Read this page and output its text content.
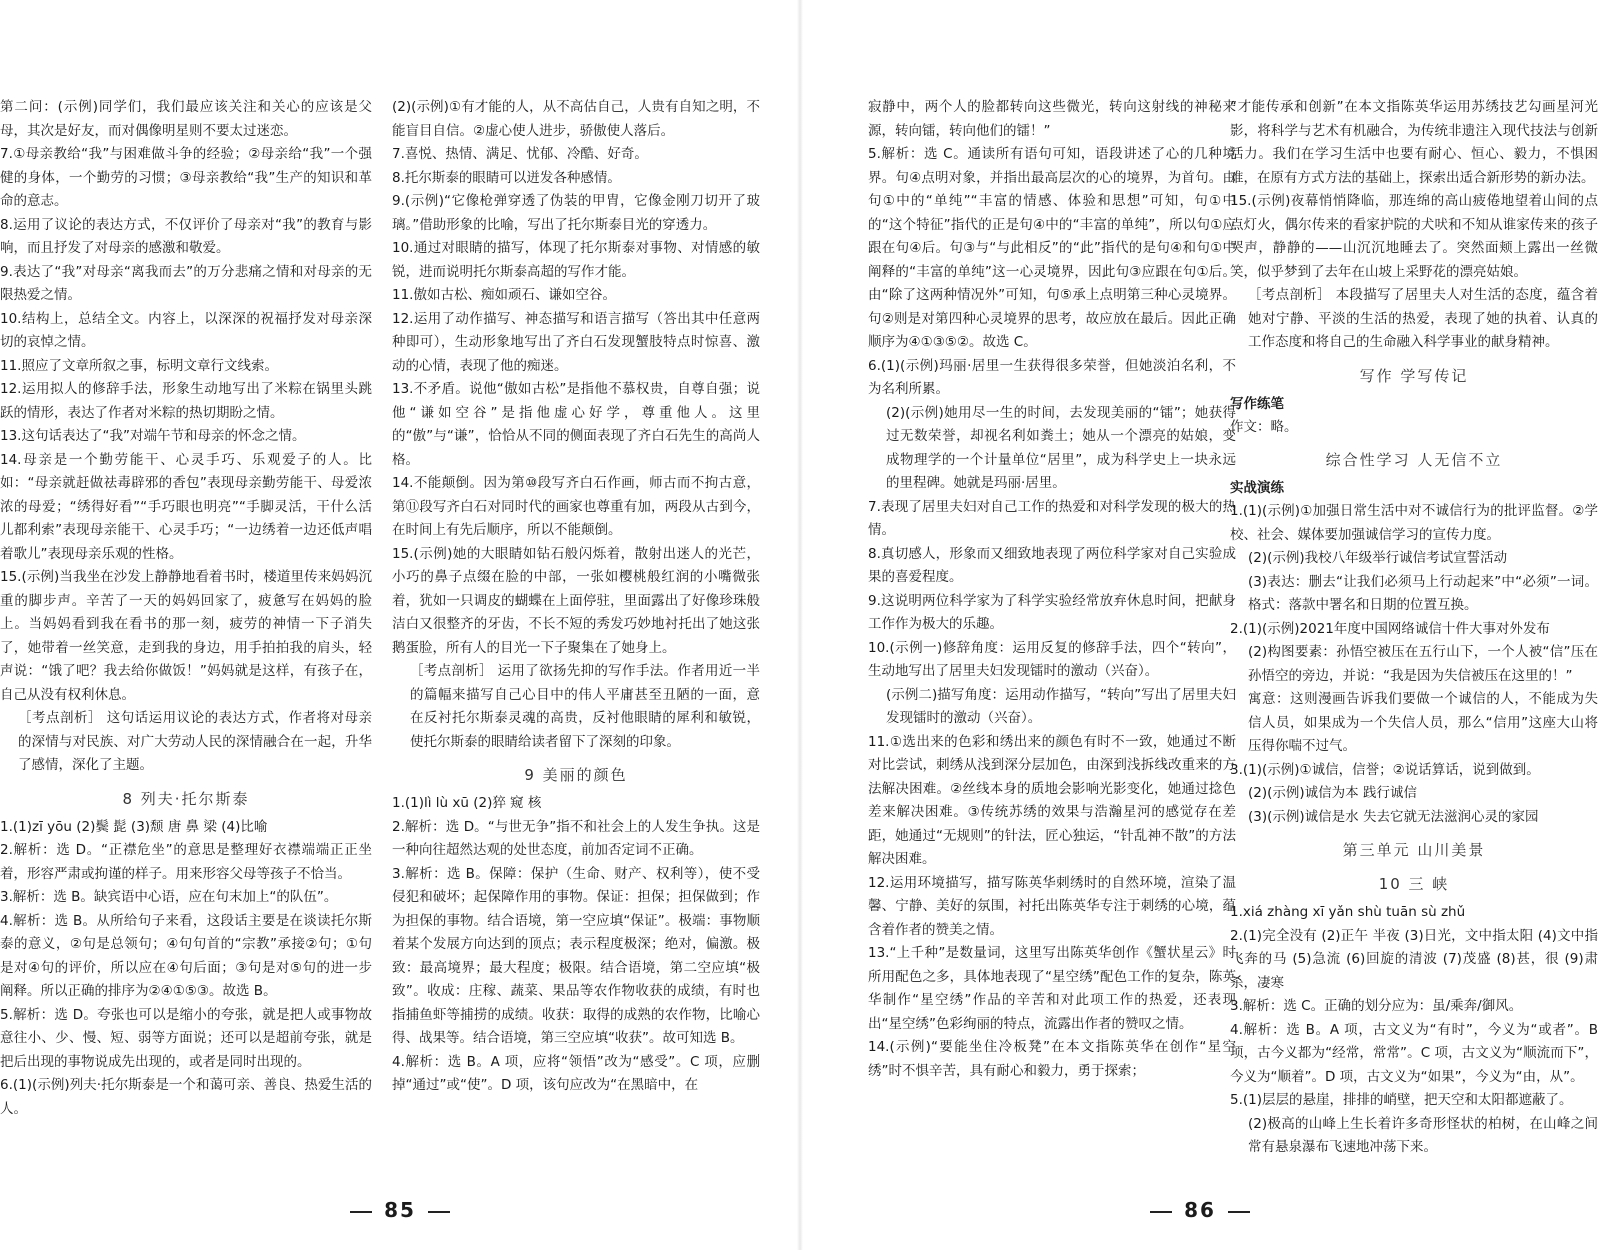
第二问：(示例)同学们，我们最应该关注和关心的应该是父母，其次是好友，而对偶像明星则不要太过迷恋。

7.①母亲教给“我”与困难做斗争的经验；②母亲给“我”一个强健的身体，一个勤劳的习惯；③母亲教给“我”生产的知识和革命的意志。

8.运用了议论的表达方式，不仅评价了母亲对“我”的教育与影响，而且抒发了对母亲的感激和敬爱。

9.表达了“我”对母亲“离我而去”的万分悲痛之情和对母亲的无限热爱之情。

10.结构上，总结全文。内容上，以深深的祝福抒发对母亲深切的哀悼之情。

11.照应了文章所叙之事，标明文章行文线索。

12.运用拟人的修辞手法，形象生动地写出了米粽在锅里头跳跃的情形，表达了作者对米粽的热切期盼之情。

13.这句话表达了“我”对端午节和母亲的怀念之情。

14.母亲是一个勤劳能干、心灵手巧、乐观爱子的人。比如：“母亲就赶做祛毒辟邪的香包”表现母亲勤劳能干、母爱浓浓的母爱；“绣得好看”“手巧眼也明亮”“手脚灵活，干什么活儿都利索”表现母亲能干、心灵手巧；“一边绣着一边还低声唱着歌儿”表现母亲乐观的性格。

15.(示例)当我坐在沙发上静静地看着书时，楼道里传来妈妈沉重的脚步声。辛苦了一天的妈妈回家了，疲惫写在妈妈的脸上。当妈妈看到我在看书的那一刻，疲劳的神情一下子消失了，她带着一丝笑意，走到我的身边，用手拍拍我的肩头，轻声说：“饿了吧？我去给你做饭！”妈妈就是这样，有孩子在，自己从没有权利休息。

［考点剖析］ 这句话运用议论的表达方式，作者将对母亲的深情与对民族、对广大劳动人民的深情融合在一起，升华了感情，深化了主题。

8 列夫·托尔斯泰

1.(1)zī yōu (2)鬓 髭 (3)颓 唐 鼻 梁 (4)比喻

2.解析：选 D。“正襟危坐”的意思是整理好衣襟端端正正坐着，形容严肃或拘谨的样子。用来形容父母等孩子不恰当。

3.解析：选 B。缺宾语中心语，应在句末加上“的队伍”。

4.解析：选 B。从所给句子来看，这段话主要是在谈读托尔斯泰的意义，②句是总领句；④句句首的“宗教”承接②句；①句是对④句的评价，所以应在④句后面；③句是对⑤句的进一步阐释。所以正确的排序为②④①⑤③。故选 B。

5.解析：选 D。夸张也可以是缩小的夸张，就是把人或事物故意往小、少、慢、短、弱等方面说；还可以是超前夸张，就是把后出现的事物说成先出现的，或者是同时出现的。

6.(1)(示例)列夫·托尔斯泰是一个和蔼可亲、善良、热爱生活的人。

(2)(示例)①有才能的人，从不高估自己，人贵有自知之明，不能盲目自信。②虚心使人进步，骄傲使人落后。

7.喜悦、热情、满足、忧郁、冷酷、好奇。

8.托尔斯泰的眼睛可以迸发各种感情。

9.(示例)“它像枪弹穿透了伪装的甲胄，它像金刚刀切开了玻璃。”借助形象的比喻，写出了托尔斯泰目光的穿透力。

10.通过对眼睛的描写，体现了托尔斯泰对事物、对情感的敏锐，进而说明托尔斯泰高超的写作才能。

11.傲如古松、痴如顽石、谦如空谷。

12.运用了动作描写、神态描写和语言描写（答出其中任意两种即可），生动形象地写出了齐白石发现蟹肢特点时惊喜、激动的心情，表现了他的痴迷。

13.不矛盾。说他“傲如古松”是指他不慕权贵，自尊自强；说他“谦如空谷”是指他虚心好学，尊重他人。这里的“傲”与“谦”，恰恰从不同的侧面表现了齐白石先生的高尚人格。

14.不能颠倒。因为第⑩段写齐白石作画，师古而不拘古意，第⑪段写齐白石对同时代的画家也尊重有加，两段从古到今，在时间上有先后顺序，所以不能颠倒。

15.(示例)她的大眼睛如钻石般闪烁着，散射出迷人的光芒，小巧的鼻子点缀在脸的中部，一张如樱桃般红润的小嘴微张着，犹如一只调皮的蝴蝶在上面停驻，里面露出了好像珍珠般洁白又很整齐的牙齿，不长不短的秀发巧妙地衬托出了她这张鹅蛋脸，所有人的目光一下子聚集在了她身上。

［考点剖析］ 运用了欲扬先抑的写作手法。作者用近一半的篇幅来描写自己心目中的伟人平庸甚至丑陋的一面，意在反衬托尔斯泰灵魂的高贵，反衬他眼睛的犀利和敏锐，使托尔斯泰的眼睛给读者留下了深刻的印象。

9 美丽的颜色

1.(1)lì lù xū (2)猝 窥 核

2.解析：选 D。“与世无争”指不和社会上的人发生争执。这是一种向往超然达观的处世态度，前加否定词不正确。

3.解析：选 B。保障：保护（生命、财产、权利等），使不受侵犯和破坏；起保障作用的事物。保证：担保；担保做到；作为担保的事物。结合语境，第一空应填“保证”。极端：事物顺着某个发展方向达到的顶点；表示程度极深；绝对，偏激。极致：最高境界；最大程度；极限。结合语境，第二空应填“极致”。收成：庄稼、蔬菜、果品等农作物收获的成绩，有时也指捕鱼虾等捕捞的成绩。收获：取得的成熟的农作物，比喻心得、战果等。结合语境，第三空应填“收获”。故可知选 B。

4.解析：选 B。A 项，应将“领悟”改为“感受”。C 项，应删掉“通过”或“使”。D 项，该句应改为“在黑暗中，在

85

寂静中，两个人的脸都转向这些微光，转向这射线的神秘来源，转向镭，转向他们的镭！”

5.解析：选 C。通读所有语句可知，语段讲述了心的几种境界。句④点明对象，并指出最高层次的心的境界，为首句。由句①中的“单纯”“丰富的情感、体验和思想”可知，句①中的“这个特征”指代的正是句④中的“丰富的单纯”，所以句①应跟在句④后。句③与“与此相反”的“此”指代的是句④和句①中阐释的“丰富的单纯”这一心灵境界，因此句③应跟在句①后。由“除了这两种情况外”可知，句⑤承上点明第三种心灵境界。句②则是对第四种心灵境界的思考，故应放在最后。因此正确顺序为④①③⑤②。故选 C。

6.(1)(示例)玛丽·居里一生获得很多荣誉，但她淡泊名利，不为名利所累。

(2)(示例)她用尽一生的时间，去发现美丽的“镭”；她获得过无数荣誉，却视名利如粪土；她从一个漂亮的姑娘，变成物理学的一个计量单位“居里”，成为科学史上一块永远的里程碑。她就是玛丽·居里。

7.表现了居里夫妇对自己工作的热爱和对科学发现的极大的热情。

8.真切感人，形象而又细致地表现了两位科学家对自己实验成果的喜爱程度。

9.这说明两位科学家为了科学实验经常放弃休息时间，把献身工作作为极大的乐趣。

10.(示例一)修辞角度：运用反复的修辞手法，四个“转向”，生动地写出了居里夫妇发现镭时的激动（兴奋）。

(示例二)描写角度：运用动作描写，“转向”写出了居里夫妇发现镭时的激动（兴奋）。

11.①选出来的色彩和绣出来的颜色有时不一致，她通过不断对比尝试，刺绣从浅到深分层加色，由深到浅拆线改重来的方法解决困难。②丝线本身的质地会影响光影变化，她通过捻色差来解决困难。③传统苏绣的效果与浩瀚星河的感觉存在差距，她通过“无规则”的针法，匠心独运，“针乱神不散”的方法解决困难。

12.运用环境描写，描写陈英华刺绣时的自然环境，渲染了温馨、宁静、美好的氛围，衬托出陈英华专注于刺绣的心境，蕴含着作者的赞美之情。

13.“上千种”是数量词，这里写出陈英华创作《蟹状星云》时所用配色之多，具体地表现了“星空绣”配色工作的复杂，陈英华制作“星空绣”作品的辛苦和对此项工作的热爱，还表现出“星空绣”色彩绚丽的特点，流露出作者的赞叹之情。

14.(示例)“要能坐住冷板凳”在本文指陈英华在创作“星空绣”时不惧辛苦，具有耐心和毅力，勇于探索；

“才能传承和创新”在本文指陈英华运用苏绣技艺勾画星河光影，将科学与艺术有机融合，为传统非遗注入现代技法与创新活力。我们在学习生活中也要有耐心、恒心、毅力，不惧困难，在原有方式方法的基础上，探索出适合新形势的新办法。

15.(示例)夜幕悄悄降临，那连绵的高山疲倦地望着山间的点点灯火，偶尔传来的看家护院的犬吠和不知从谁家传来的孩子哭声，静静的——山沉沉地睡去了。突然面颊上露出一丝微笑，似乎梦到了去年在山坡上采野花的漂亮姑娘。

［考点剖析］ 本段描写了居里夫人对生活的态度，蕴含着她对宁静、平淡的生活的热爱，表现了她的执着、认真的工作态度和将自己的生命融入科学事业的献身精神。

写作 学写传记

写作练笔

作文：略。

综合性学习 人无信不立

实战演练

1.(1)(示例)①加强日常生活中对不诚信行为的批评监督。②学校、社会、媒体要加强诚信学习的宣传力度。

(2)(示例)我校八年级举行诚信考试宣誓活动

(3)表达：删去“让我们必须马上行动起来”中“必须”一词。格式：落款中署名和日期的位置互换。

2.(1)(示例)2021年度中国网络诚信十件大事对外发布

(2)构图要素：孙悟空被压在五行山下，一个人被“信”压在孙悟空的旁边，并说：“我是因为失信被压在这里的！”

寓意：这则漫画告诉我们要做一个诚信的人，不能成为失信人员，如果成为一个失信人员，那么“信用”这座大山将压得你喘不过气。

3.(1)(示例)①诚信，信誉；②说话算话，说到做到。

(2)(示例)诚信为本 践行诚信

(3)(示例)诚信是水 失去它就无法滋润心灵的家园

第三单元 山川美景
10 三 峡

1.xiá zhàng xī yǎn shù tuān sù zhǔ

2.(1)完全没有 (2)正午 半夜 (3)日光，文中指太阳 (4)文中指飞奔的马 (5)急流 (6)回旋的清波 (7)茂盛 (8)甚，很 (9)肃杀，凄寒

3.解析：选 C。正确的划分应为：虽/乘奔/御风。

4.解析：选 B。A 项，古文义为“有时”，今义为“或者”。B 项，古今义都为“经常，常常”。C 项，古文义为“顺流而下”，今义为“顺着”。D 项，古文义为“如果”，今义为“由，从”。

5.(1)层层的悬崖，排排的峭壁，把天空和太阳都遮蔽了。

(2)极高的山峰上生长着许多奇形怪状的柏树，在山峰之间常有悬泉瀑布飞速地冲荡下来。

86
